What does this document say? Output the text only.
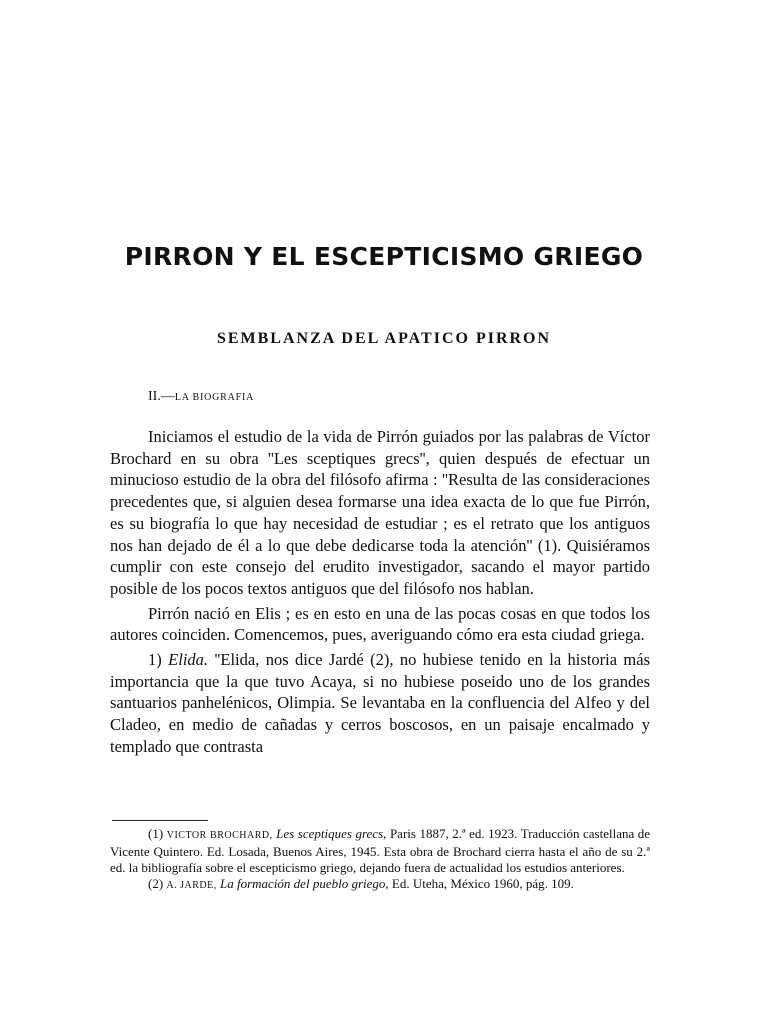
PIRRON Y EL ESCEPTICISMO GRIEGO
SEMBLANZA DEL APATICO PIRRON
II.—LA BIOGRAFIA

Iniciamos el estudio de la vida de Pirrón guiados por las palabras de Víctor Brochard en su obra ''Les sceptiques grecs'', quien después de efectuar un minucioso estudio de la obra del filósofo afirma : ''Resulta de las consideraciones precedentes que, si alguien desea formarse una idea exacta de lo que fue Pirrón, es su biografía lo que hay necesidad de estudiar ; es el retrato que los antiguos nos han dejado de él a lo que debe dedicarse toda la atención'' (1). Quisiéramos cumplir con este consejo del erudito investigador, sacando el mayor partido posible de los pocos textos antiguos que del filósofo nos hablan.

Pirrón nació en Elis ; es en esto en una de las pocas cosas en que todos los autores coinciden. Comencemos, pues, averiguando cómo era esta ciudad griega.

1) Elida. ''Elida, nos dice Jardé (2), no hubiese tenido en la historia más importancia que la que tuvo Acaya, si no hubiese poseido uno de los grandes santuarios panhelénicos, Olimpia. Se levantaba en la confluencia del Alfeo y del Cladeo, en medio de cañadas y cerros boscosos, en un paisaje encalmado y templado que contrasta

(1) VICTOR BROCHARD, Les sceptiques grecs, Paris 1887, 2.ª ed. 1923. Traducción castellana de Vicente Quintero. Ed. Losada, Buenos Aires, 1945. Esta obra de Brochard cierra hasta el año de su 2.ª ed. la bibliografía sobre el escepticismo griego, dejando fuera de actualidad los estudios anteriores.

(2) A. JARDE, La formación del pueblo griego, Ed. Uteha, México 1960, pág. 109.
